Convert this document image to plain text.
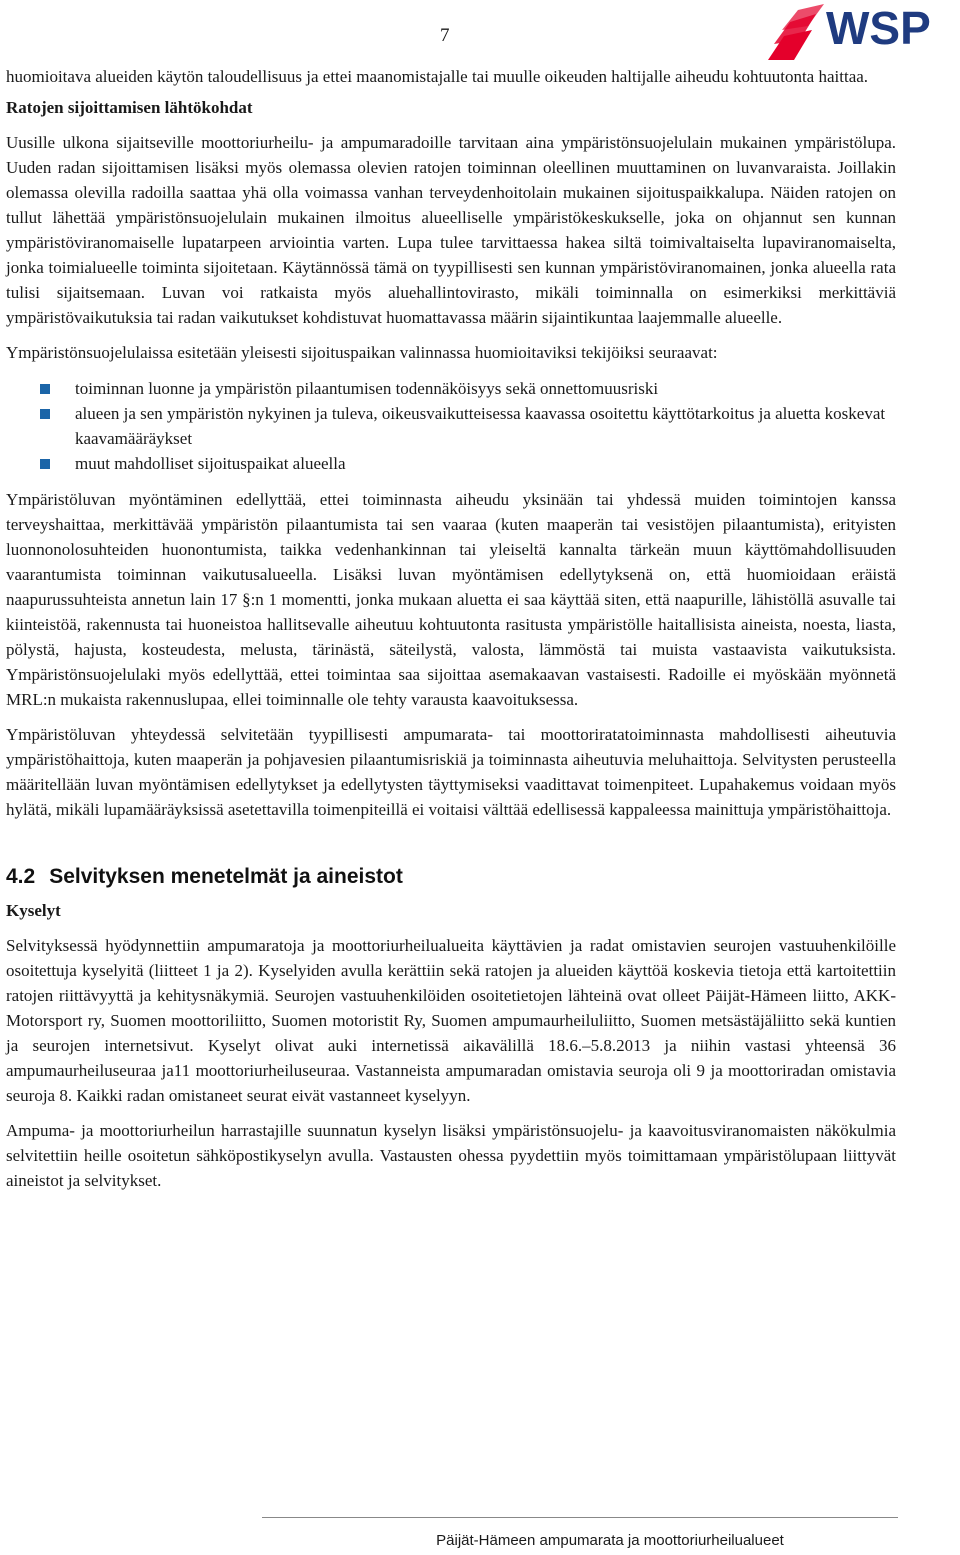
7	WSP

huomioitava alueiden käytön taloudellisuus ja ettei maanomistajalle tai muulle oikeuden haltijalle aiheudu kohtuutonta haittaa.

Ratojen sijoittamisen lähtökohdat

Uusille ulkona sijaitseville moottoriurheilu- ja ampumaradoille tarvitaan aina ympäristönsuojelulain mukainen ympäristölupa. Uuden radan sijoittamisen lisäksi myös olemassa olevien ratojen toiminnan oleellinen muuttaminen on luvanvaraista. Joillakin olemassa olevilla radoilla saattaa yhä olla voimassa vanhan terveydenhoitolain mukainen sijoituspaikkalupa. Näiden ratojen on tullut lähettää ympäristönsuojelulain mukainen ilmoitus alueelliselle ympäristökeskukselle, joka on ohjannut sen kunnan ympäristöviranomaiselle lupatarpeen arviointia varten. Lupa tulee tarvittaessa hakea siltä toimivaltaiselta lupaviranomaiselta, jonka toimialueelle toiminta sijoitetaan. Käytännössä tämä on tyypillisesti sen kunnan ympäristöviranomainen, jonka alueella rata tulisi sijaitsemaan. Luvan voi ratkaista myös aluehallintovirasto, mikäli toiminnalla on esimerkiksi merkittäviä ympäristövaikutuksia tai radan vaikutukset kohdistuvat huomattavassa määrin sijaintikuntaa laajemmalle alueelle.

Ympäristönsuojelulaissa esitetään yleisesti sijoituspaikan valinnassa huomioitaviksi tekijöiksi seuraavat:

toiminnan luonne ja ympäristön pilaantumisen todennäköisyys sekä onnettomuusriski
alueen ja sen ympäristön nykyinen ja tuleva, oikeusvaikutteisessa kaavassa osoitettu käyttötarkoitus ja aluetta koskevat kaavamääräykset
muut mahdolliset sijoituspaikat alueella

Ympäristöluvan myöntäminen edellyttää, ettei toiminnasta aiheudu yksinään tai yhdessä muiden toimintojen kanssa terveyshaittaa, merkittävää ympäristön pilaantumista tai sen vaaraa (kuten maaperän tai vesistöjen pilaantumista), erityisten luonnonolosuhteiden huonontumista, taikka vedenhankinnan tai yleiseltä kannalta tärkeän muun käyttömahdollisuuden vaarantumista toiminnan vaikutusalueella. Lisäksi luvan myöntämisen edellytyksenä on, että huomioidaan eräistä naapurussuhteista annetun lain 17 §:n 1 momentti, jonka mukaan aluetta ei saa käyttää siten, että naapurille, lähistöllä asuvalle tai kiinteistöä, rakennusta tai huoneistoa hallitsevalle aiheutuu kohtuutonta rasitusta ympäristölle haitallisista aineista, noesta, liasta, pölystä, hajusta, kosteudesta, melusta, tärinästä, säteilystä, valosta, lämmöstä tai muista vastaavista vaikutuksista. Ympäristönsuojelulaki myös edellyttää, ettei toimintaa saa sijoittaa asemakaavan vastaisesti. Radoille ei myöskään myönnetä MRL:n mukaista rakennuslupaa, ellei toiminnalle ole tehty varausta kaavoituksessa.

Ympäristöluvan yhteydessä selvitetään tyypillisesti ampumarata- tai moottoriratatoiminnasta mahdollisesti aiheutuvia ympäristöhaittoja, kuten maaperän ja pohjavesien pilaantumisriskiä ja toiminnasta aiheutuvia meluhaittoja. Selvitysten perusteella määritellään luvan myöntämisen edellytykset ja edellytysten täyttymiseksi vaadittavat toimenpiteet. Lupahakemus voidaan myös hylätä, mikäli lupamääräyksissä asetettavilla toimenpiteillä ei voitaisi välttää edellisessä kappaleessa mainittuja ympäristöhaittoja.

4.2 Selvityksen menetelmät ja aineistot
Kyselyt

Selvityksessä hyödynnettiin ampumaratoja ja moottoriurheilualueita käyttävien ja radat omistavien seurojen vastuuhenkilöille osoitettuja kyselyitä (liitteet 1 ja 2). Kyselyiden avulla kerättiin sekä ratojen ja alueiden käyttöä koskevia tietoja että kartoitettiin ratojen riittävyyttä ja kehitysnäkymiä. Seurojen vastuuhenkilöiden osoitetietojen lähteinä ovat olleet Päijät-Hämeen liitto, AKK-Motorsport ry, Suomen moottoriliitto, Suomen motoristit Ry, Suomen ampumaurheiluliitto, Suomen metsästäjäliitto sekä kuntien ja seurojen internetsivut. Kyselyt olivat auki internetissä aikavälillä 18.6.–5.8.2013 ja niihin vastasi yhteensä 36 ampumaurheiluseuraa ja11 moottoriurheiluseuraa. Vastanneista ampumaradan omistavia seuroja oli 9 ja moottoriradan omistavia seuroja 8. Kaikki radan omistaneet seurat eivät vastanneet kyselyyn.

Ampuma- ja moottoriurheilun harrastajille suunnatun kyselyn lisäksi ympäristönsuojelu- ja kaavoitusviranomaisten näkökulmia selvitettiin heille osoitetun sähköpostikyselyn avulla. Vastausten ohessa pyydettiin myös toimittamaan ympäristölupaan liittyvät aineistot ja selvitykset.

Päijät-Hämeen ampumarata ja moottoriurheilualueet
